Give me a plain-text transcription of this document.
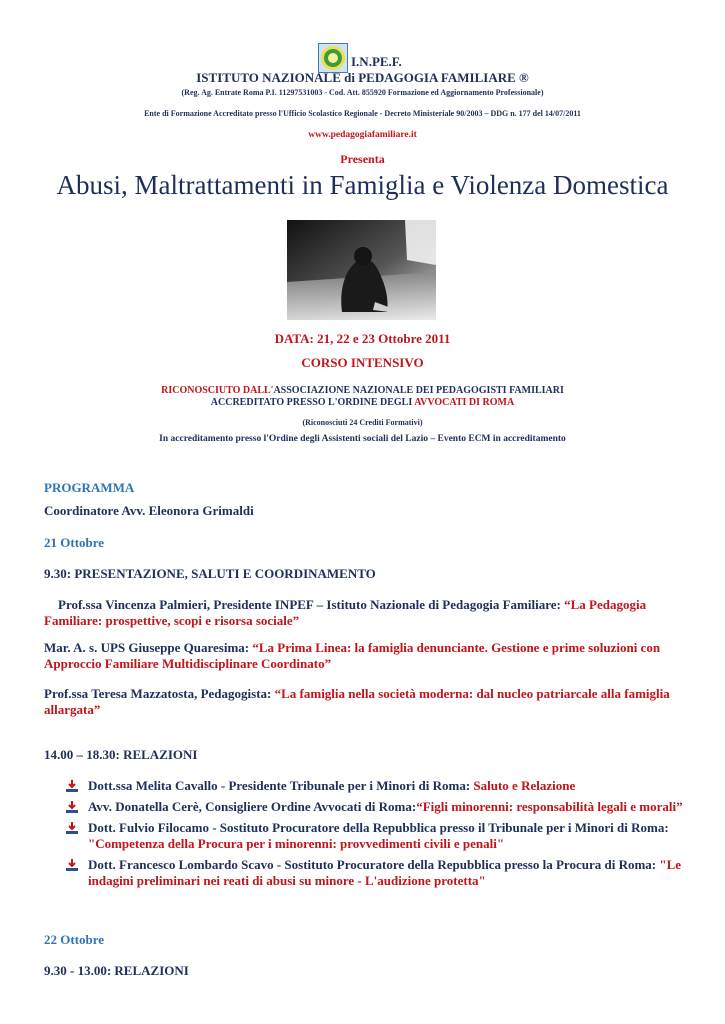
I.N.PE.F.
ISTITUTO NAZIONALE di PEDAGOGIA FAMILIARE ®
(Reg. Ag. Entrate Roma P.I. 11297531003 - Cod. Att. 855920 Formazione ed Aggiornamento Professionale)
Ente di Formazione Accreditato presso l'Ufficio Scolastico Regionale - Decreto Ministeriale 90/2003 – DDG n. 177 del 14/07/2011
www.pedagogiafamiliare.it
Presenta
Abusi, Maltrattamenti in Famiglia e Violenza Domestica
DATA: 21, 22 e 23 Ottobre 2011
CORSO INTENSIVO
RICONOSCIUTO DALL'ASSOCIAZIONE NAZIONALE DEI PEDAGOGISTI FAMILIARI
ACCREDITATO PRESSO L'ORDINE DEGLI AVVOCATI DI ROMA
(Riconosciuti 24 Crediti Formativi)
In accreditamento presso l'Ordine degli Assistenti sociali del Lazio – Evento ECM in accreditamento
PROGRAMMA
Coordinatore Avv. Eleonora Grimaldi
21 Ottobre
9.30: PRESENTAZIONE, SALUTI E COORDINAMENTO
Prof.ssa Vincenza Palmieri, Presidente INPEF – Istituto Nazionale di Pedagogia Familiare: “La Pedagogia Familiare: prospettive, scopi e risorsa sociale”
Mar. A. s. UPS Giuseppe Quaresima: “La Prima Linea: la famiglia denunciante. Gestione e prime soluzioni con Approccio Familiare Multidisciplinare Coordinato”
Prof.ssa Teresa Mazzatosta, Pedagogista: “La famiglia nella società moderna: dal nucleo patriarcale alla famiglia allargata”
14.00 – 18.30: RELAZIONI
Dott.ssa Melita Cavallo - Presidente Tribunale per i Minori di Roma: Saluto e Relazione
Avv. Donatella Cerè, Consigliere Ordine Avvocati di Roma:“Figli minorenni: responsabilità legali e morali”
Dott. Fulvio Filocamo - Sostituto Procuratore della Repubblica presso il Tribunale per i Minori di Roma: "Competenza della Procura per i minorenni: provvedimenti civili e penali"
Dott. Francesco Lombardo Scavo - Sostituto Procuratore della Repubblica presso la Procura di Roma: "Le indagini preliminari nei reati di abusi su minore - L'audizione protetta"
22 Ottobre
9.30 - 13.00: RELAZIONI
